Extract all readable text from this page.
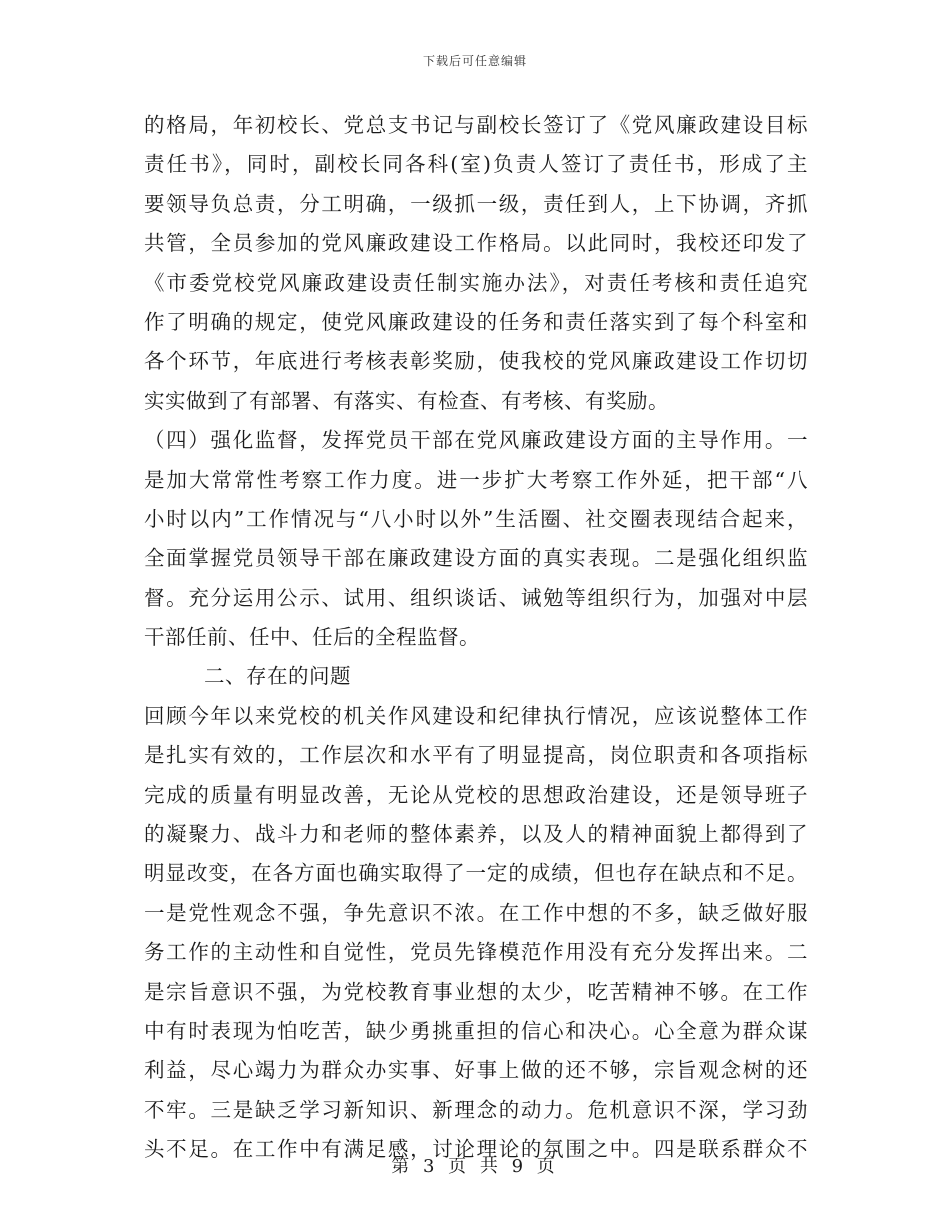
下载后可任意编辑
的格局，年初校长、党总支书记与副校长签订了《党风廉政建设目标
责任书》，同时，副校长同各科(室)负责人签订了责任书，形成了主
要领导负总责，分工明确，一级抓一级，责任到人，上下协调，齐抓
共管，全员参加的党风廉政建设工作格局。以此同时，我校还印发了
《市委党校党风廉政建设责任制实施办法》，对责任考核和责任追究
作了明确的规定，使党风廉政建设的任务和责任落实到了每个科室和
各个环节，年底进行考核表彰奖励，使我校的党风廉政建设工作切切
实实做到了有部署、有落实、有检查、有考核、有奖励。
（四）强化监督，发挥党员干部在党风廉政建设方面的主导作用。一
是加大常常性考察工作力度。进一步扩大考察工作外延，把干部“八
小时以内”工作情况与“八小时以外”生活圈、社交圈表现结合起来，
全面掌握党员领导干部在廉政建设方面的真实表现。二是强化组织监
督。充分运用公示、试用、组织谈话、诫勉等组织行为，加强对中层
干部任前、任中、任后的全程监督。
二、存在的问题
回顾今年以来党校的机关作风建设和纪律执行情况，应该说整体工作
是扎实有效的，工作层次和水平有了明显提高，岗位职责和各项指标
完成的质量有明显改善，无论从党校的思想政治建设，还是领导班子
的凝聚力、战斗力和老师的整体素养，以及人的精神面貌上都得到了
明显改变，在各方面也确实取得了一定的成绩，但也存在缺点和不足。
一是党性观念不强，争先意识不浓。在工作中想的不多，缺乏做好服
务工作的主动性和自觉性，党员先锋模范作用没有充分发挥出来。二
是宗旨意识不强，为党校教育事业想的太少，吃苦精神不够。在工作
中有时表现为怕吃苦，缺少勇挑重担的信心和决心。心全意为群众谋
利益，尽心竭力为群众办实事、好事上做的还不够，宗旨观念树的还
不牢。三是缺乏学习新知识、新理念的动力。危机意识不深，学习劲
头不足。在工作中有满足感，讨论理论的氛围之中。四是联系群众不
第 3 页 共 9 页
